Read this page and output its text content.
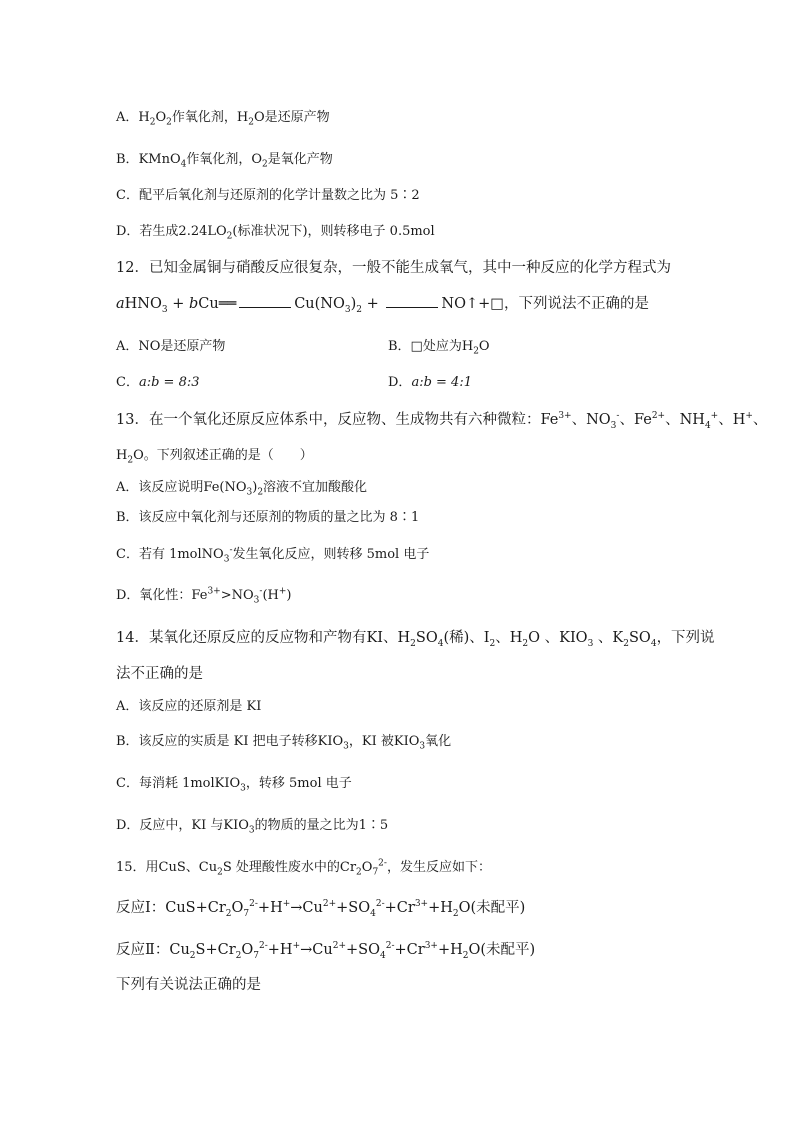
A．$H_2O_2$作氧化剂，$H_2O$是还原产物
B．KMnO$_4$作氧化剂，$O_2$是氧化产物
C．配平后氧化剂与还原剂的化学计量数之比为 5∶2
D．若生成$2.24LO_2$(标准状况下)，则转移电子 0.5mol
12．已知金属铜与硝酸反应很复杂，一般不能生成氧气，其中一种反应的化学方程式为
aHNO$_3$ + bCu══	$Cu(NO_3)_2$ +	NO↑+□，下列说法不正确的是
A．NO是还原产物	B．□处应为$H_2O$
C．a:b = 8:3	D．a:b = 4:1
13．在一个氧化还原反应体系中，反应物、生成物共有六种微粒：$Fe^{3+}$、$NO_3^-$、$Fe^{2+}$、$NH_4^+$、H+、
$H_2O$。下列叙述正确的是（　　）
A．该反应说明$Fe(NO_3)_2$溶液不宜加酸酸化
B．该反应中氧化剂与还原剂的物质的量之比为 8∶1
C．若有 1molNO$_3$-发生氧化反应，则转移 5mol 电子
D．氧化性：$Fe^{3+}>NO_3^-(H^+)$
14．某氧化还原反应的反应物和产物有KI、$H_2SO_4$(稀)、$I_2$、$H_2O$ 、$KIO_3$ 、$K_2SO_4$，下列说
法不正确的是
A．该反应的还原剂是 KI
B．该反应的实质是 KI 把电子转移$KIO_3$，KI 被$KIO_3$氧化
C．每消耗 1molKIO$_3$，转移 5mol 电子
D．反应中，KI 与$KIO_3$的物质的量之比为1∶5
15．用CuS、$Cu_2S$ 处理酸性废水中的$Cr_2O_7^{2-}$，发生反应如下：
反应Ⅰ：$CuS+Cr_2O_7^{2-}+H^+\to Cu^{2+}+SO_4^{2-}+Cr^{3+}+H_2O$(未配平)
反应Ⅱ：$Cu_2S+Cr_2O_7^{2-}+H^+\to Cu^{2+}+SO_4^{2-}+Cr^{3+}+H_2O$(未配平)
下列有关说法正确的是
